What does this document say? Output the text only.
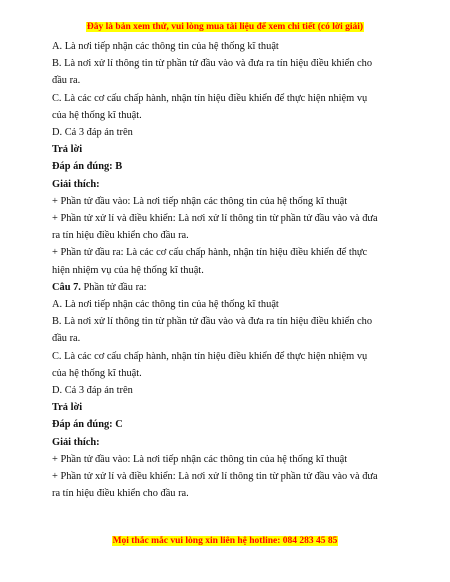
Đây là bản xem thử, vui lòng mua tài liệu để xem chi tiết (có lời giải)

A. Là nơi tiếp nhận các thông tin của hệ thống kĩ thuật

B. Là nơi xử lí thông tin từ phần tử đầu vào và đưa ra tín hiệu điều khiển cho

đầu ra.

C. Là các cơ cấu chấp hành, nhận tín hiệu điều khiển để thực hiện nhiệm vụ

của hệ thống kĩ thuật.

D. Cả 3 đáp án trên

Trả lời

Đáp án đúng: B

Giải thích:

+ Phần tử đầu vào: Là nơi tiếp nhận các thông tin của hệ thống kĩ thuật

+ Phần tử xử lí và điều khiển: Là nơi xử lí thông tin từ phần tử đầu vào và đưa

ra tín hiệu điều khiển cho đầu ra.

+ Phần tử đầu ra: Là các cơ cấu chấp hành, nhận tín hiệu điều khiển để thực

hiện nhiệm vụ của hệ thống kĩ thuật.

Câu 7. Phần tử đầu ra:

A. Là nơi tiếp nhận các thông tin của hệ thống kĩ thuật

B. Là nơi xử lí thông tin từ phần tử đầu vào và đưa ra tín hiệu điều khiển cho

đầu ra.

C. Là các cơ cấu chấp hành, nhận tín hiệu điều khiển để thực hiện nhiệm vụ

của hệ thống kĩ thuật.

D. Cả 3 đáp án trên

Trả lời

Đáp án đúng: C

Giải thích:

+ Phần tử đầu vào: Là nơi tiếp nhận các thông tin của hệ thống kĩ thuật

+ Phần tử xử lí và điều khiển: Là nơi xử lí thông tin từ phần tử đầu vào và đưa

ra tín hiệu điều khiển cho đầu ra.

Mọi thắc mắc vui lòng xin liên hệ hotline: 084 283 45 85
